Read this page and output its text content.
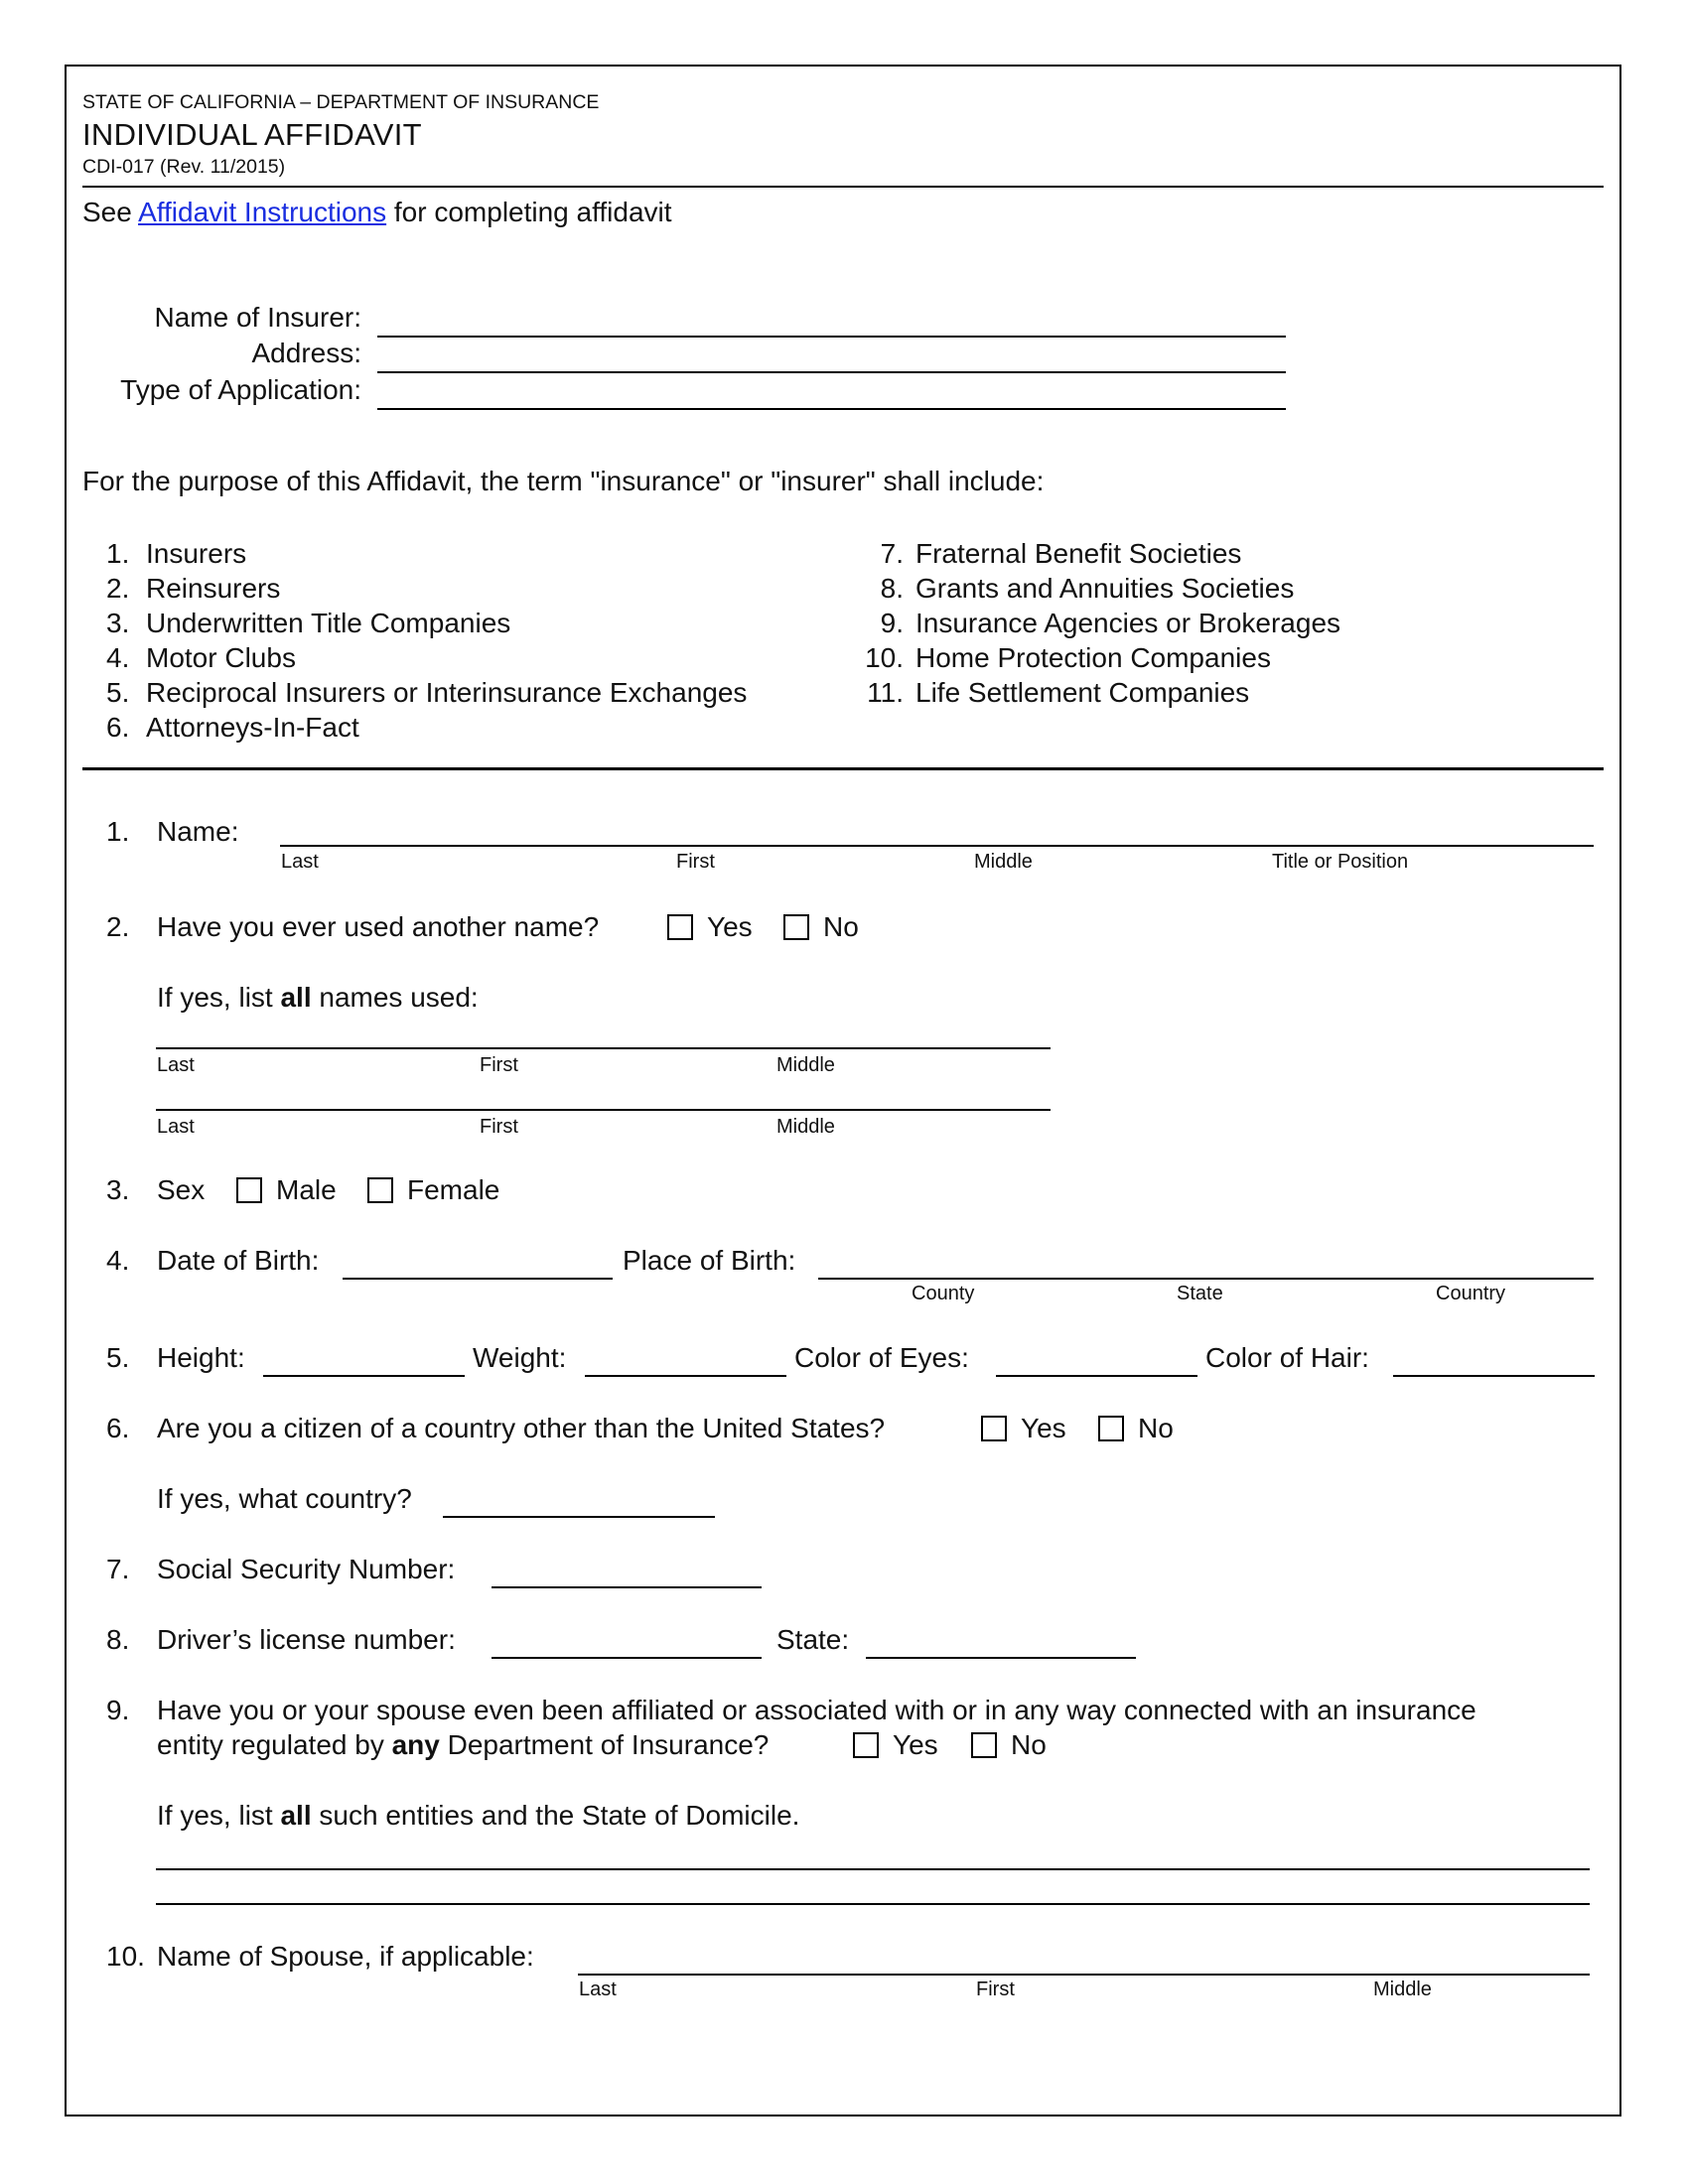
STATE OF CALIFORNIA – DEPARTMENT OF INSURANCE
INDIVIDUAL AFFIDAVIT
CDI-017 (Rev. 11/2015)
See Affidavit Instructions for completing affidavit
Name of Insurer:
Address:
Type of Application:
For the purpose of this Affidavit, the term "insurance" or "insurer" shall include:
1. Insurers
2. Reinsurers
3. Underwritten Title Companies
4. Motor Clubs
5. Reciprocal Insurers or Interinsurance Exchanges
6. Attorneys-In-Fact
7. Fraternal Benefit Societies
8. Grants and Annuities Societies
9. Insurance Agencies or Brokerages
10. Home Protection Companies
11. Life Settlement Companies
1. Name:
Last	First	Middle	Title or Position
2. Have you ever used another name?	Yes	No
If yes, list all names used:
Last	First	Middle
Last	First	Middle
3. Sex	Male	Female
4. Date of Birth:	Place of Birth:
County	State	Country
5. Height:	Weight:	Color of Eyes:	Color of Hair:
6. Are you a citizen of a country other than the United States?	Yes	No
If yes, what country?
7. Social Security Number:
8. Driver’s license number:	State:
9. Have you or your spouse even been affiliated or associated with or in any way connected with an insurance
entity regulated by any Department of Insurance?	Yes	No
If yes, list all such entities and the State of Domicile.
10. Name of Spouse, if applicable:
Last	First	Middle
